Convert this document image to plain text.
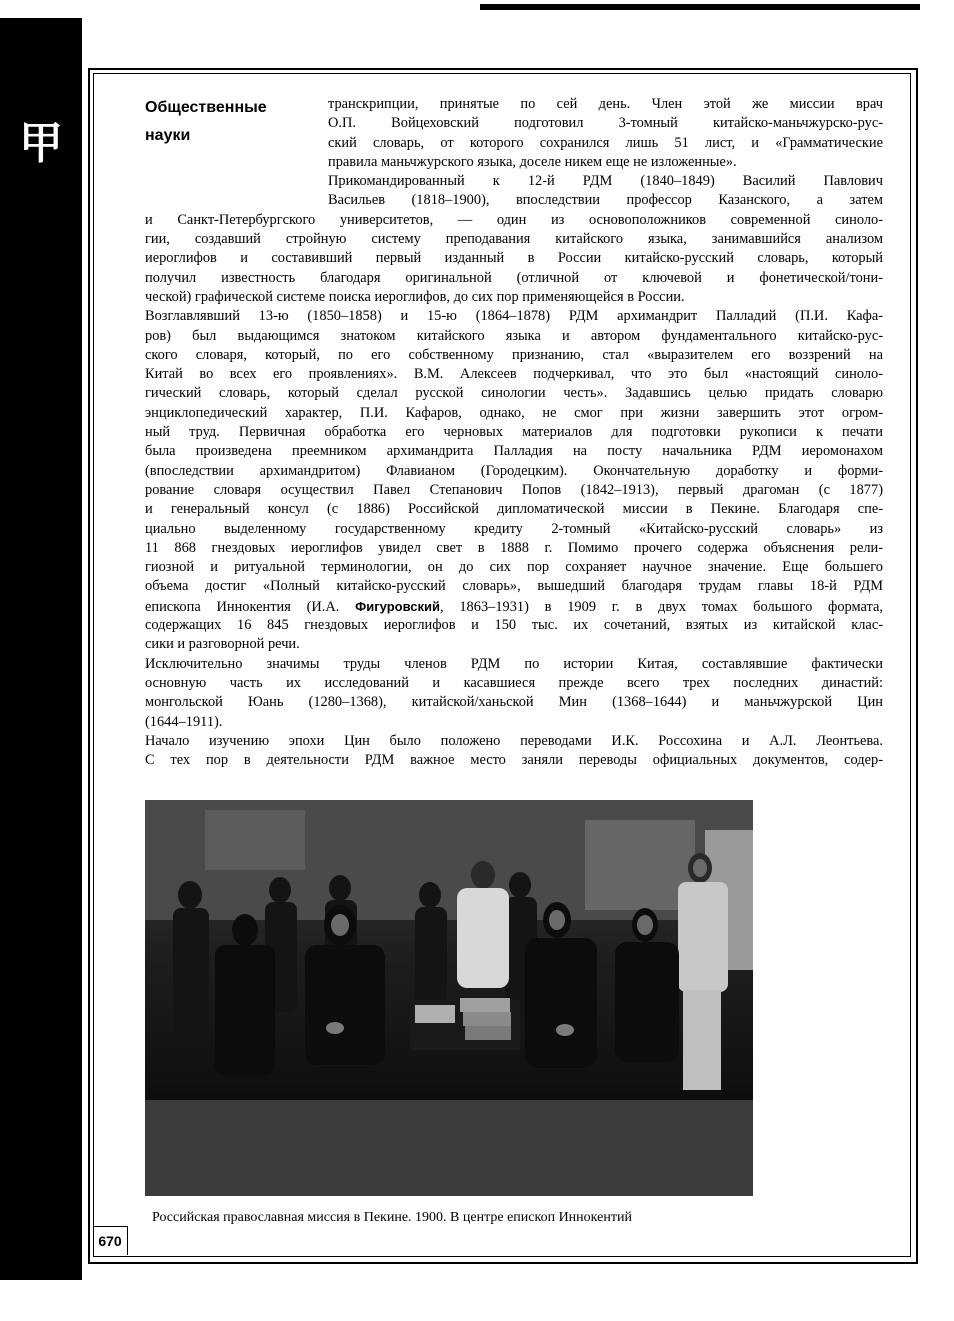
甲
Общественные науки
транскрипции, принятые по сей день. Член этой же миссии врач
О.П. Войцеховский подготовил 3-томный китайско-маньчжурско-рус-
ский словарь, от которого сохранился лишь 51 лист, и «Грамматические
правила маньчжурского языка, доселе никем еще не изложенные».
Прикомандированный к 12-й РДМ (1840–1849) Василий Павлович
Васильев (1818–1900), впоследствии профессор Казанского, а затем
и Санкт-Петербургского университетов, — один из основоположников современной синоло-
гии, создавший стройную систему преподавания китайского языка, занимавшийся анализом
иероглифов и составивший первый изданный в России китайско-русский словарь, который
получил известность благодаря оригинальной (отличной от ключевой и фонетической/тони-
ческой) графической системе поиска иероглифов, до сих пор применяющейся в России.
Возглавлявший 13-ю (1850–1858) и 15-ю (1864–1878) РДМ архимандрит Палладий (П.И. Кафа-
ров) был выдающимся знатоком китайского языка и автором фундаментального китайско-рус-
ского словаря, который, по его собственному признанию, стал «выразителем его воззрений на
Китай во всех его проявлениях». В.М. Алексеев подчеркивал, что это был «настоящий синоло-
гический словарь, который сделал русской синологии честь». Задавшись целью придать словарю
энциклопедический характер, П.И. Кафаров, однако, не смог при жизни завершить этот огром-
ный труд. Первичная обработка его черновых материалов для подготовки рукописи к печати
была произведена преемником архимандрита Палладия на посту начальника РДМ иеромонахом
(впоследствии архимандритом) Флавианом (Городецким). Окончательную доработку и форми-
рование словаря осуществил Павел Степанович Попов (1842–1913), первый драгоман (с 1877)
и генеральный консул (с 1886) Российской дипломатической миссии в Пекине. Благодаря спе-
циально выделенному государственному кредиту 2-томный «Китайско-русский словарь» из
11 868 гнездовых иероглифов увидел свет в 1888 г. Помимо прочего содержа объяснения рели-
гиозной и ритуальной терминологии, он до сих пор сохраняет научное значение. Еще большего
объема достиг «Полный китайско-русский словарь», вышедший благодаря трудам главы 18-й РДМ
епископа Иннокентия (И.А. Фигуровский, 1863–1931) в 1909 г. в двух томах большого формата,
содержащих 16 845 гнездовых иероглифов и 150 тыс. их сочетаний, взятых из китайской клас-
сики и разговорной речи.
Исключительно значимы труды членов РДМ по истории Китая, составлявшие фактически
основную часть их исследований и касавшиеся прежде всего трех последних династий:
монгольской Юань (1280–1368), китайской/ханьской Мин (1368–1644) и маньчжурской Цин
(1644–1911).
Начало изучению эпохи Цин было положено переводами И.К. Россохина и А.Л. Леонтьева.
С тех пор в деятельности РДМ важное место заняли переводы официальных документов, содер-
Российская православная миссия в Пекине. 1900. В центре епископ Иннокентий
670
